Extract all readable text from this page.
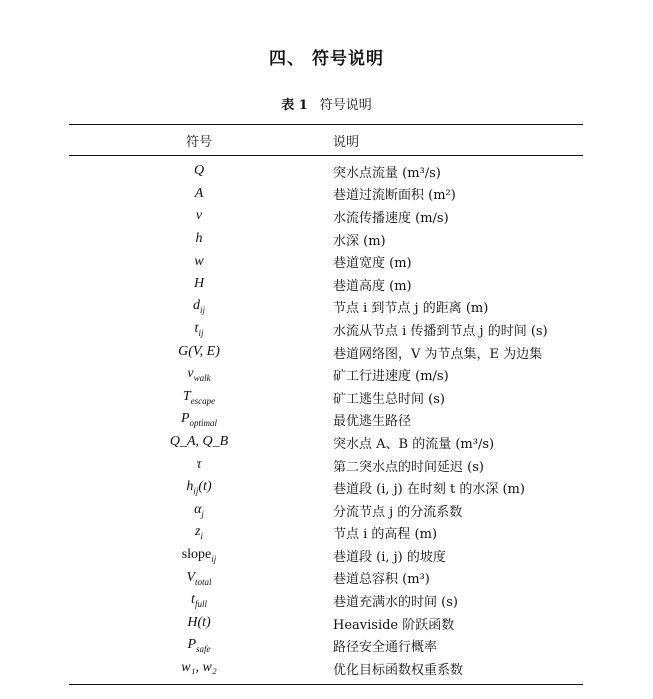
四、 符号说明
表 1 符号说明
符号	说明
Q	突水点流量 (m³/s)
A	巷道过流断面积 (m²)
v	水流传播速度 (m/s)
h	水深 (m)
w	巷道宽度 (m)
H	巷道高度 (m)
$d_{ij}$	节点 i 到节点 j 的距离 (m)
$t_{ij}$	水流从节点 i 传播到节点 j 的时间 (s)
G(V, E)	巷道网络图，V 为节点集，E 为边集
$v_{walk}$	矿工行进速度 (m/s)
$T_{escape}$	矿工逃生总时间 (s)
$P_{optimal}$	最优逃生路径
Q_A, Q_B	突水点 A、B 的流量 (m³/s)
τ	第二突水点的时间延迟 (s)
$h_{ij}(t)$	巷道段 (i, j) 在时刻 t 的水深 (m)
$\alpha_j$	分流节点 j 的分流系数
$z_i$	节点 i 的高程 (m)
slope$_{ij}$	巷道段 (i, j) 的坡度
$V_{total}$	巷道总容积 (m³)
$t_{full}$	巷道充满水的时间 (s)
H(t)	Heaviside 阶跃函数
$P_{safe}$	路径安全通行概率
w₁, w₂	优化目标函数权重系数
